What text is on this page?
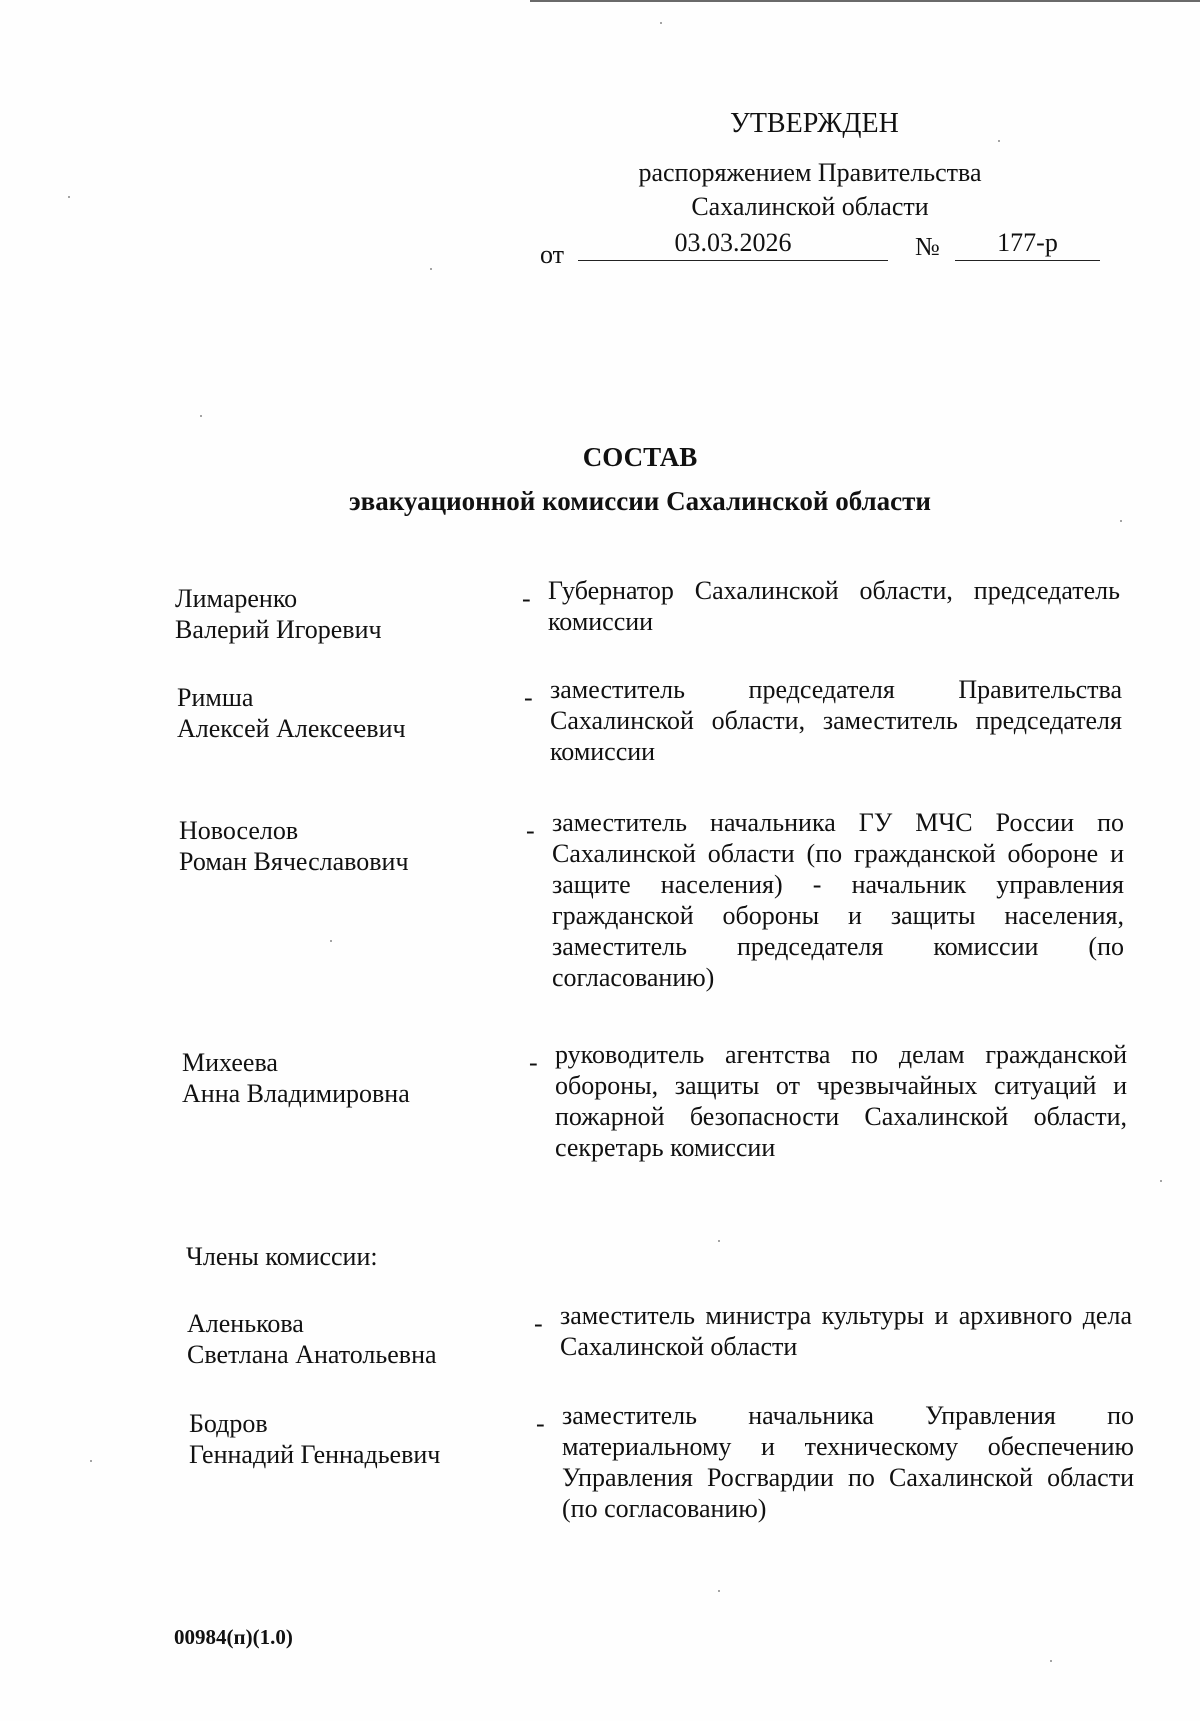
УТВЕРЖДЕН
распоряжением Правительства
Сахалинской области
от	03.03.2026	№	177-р
СОСТАВ
эвакуационной комиссии Сахалинской области
Лимаренко
Валерий Игоревич
- Губернатор Сахалинской области, председатель комиссии
Римша
Алексей Алексеевич
- заместитель председателя Правительства Сахалинской области, заместитель председателя комиссии
Новоселов
Роман Вячеславович
- заместитель начальника ГУ МЧС России по Сахалинской области (по гражданской обороне и защите населения) - начальник управления гражданской обороны и защиты населения, заместитель председателя комиссии (по согласованию)
Михеева
Анна Владимировна
- руководитель агентства по делам гражданской обороны, защиты от чрезвычайных ситуаций и пожарной безопасности Сахалинской области, секретарь комиссии
Члены комиссии:
Аленькова
Светлана Анатольевна
- заместитель министра культуры и архивного дела Сахалинской области
Бодров
Геннадий Геннадьевич
- заместитель начальника Управления по материальному и техническому обеспечению Управления Росгвардии по Сахалинской области (по согласованию)
00984(п)(1.0)
